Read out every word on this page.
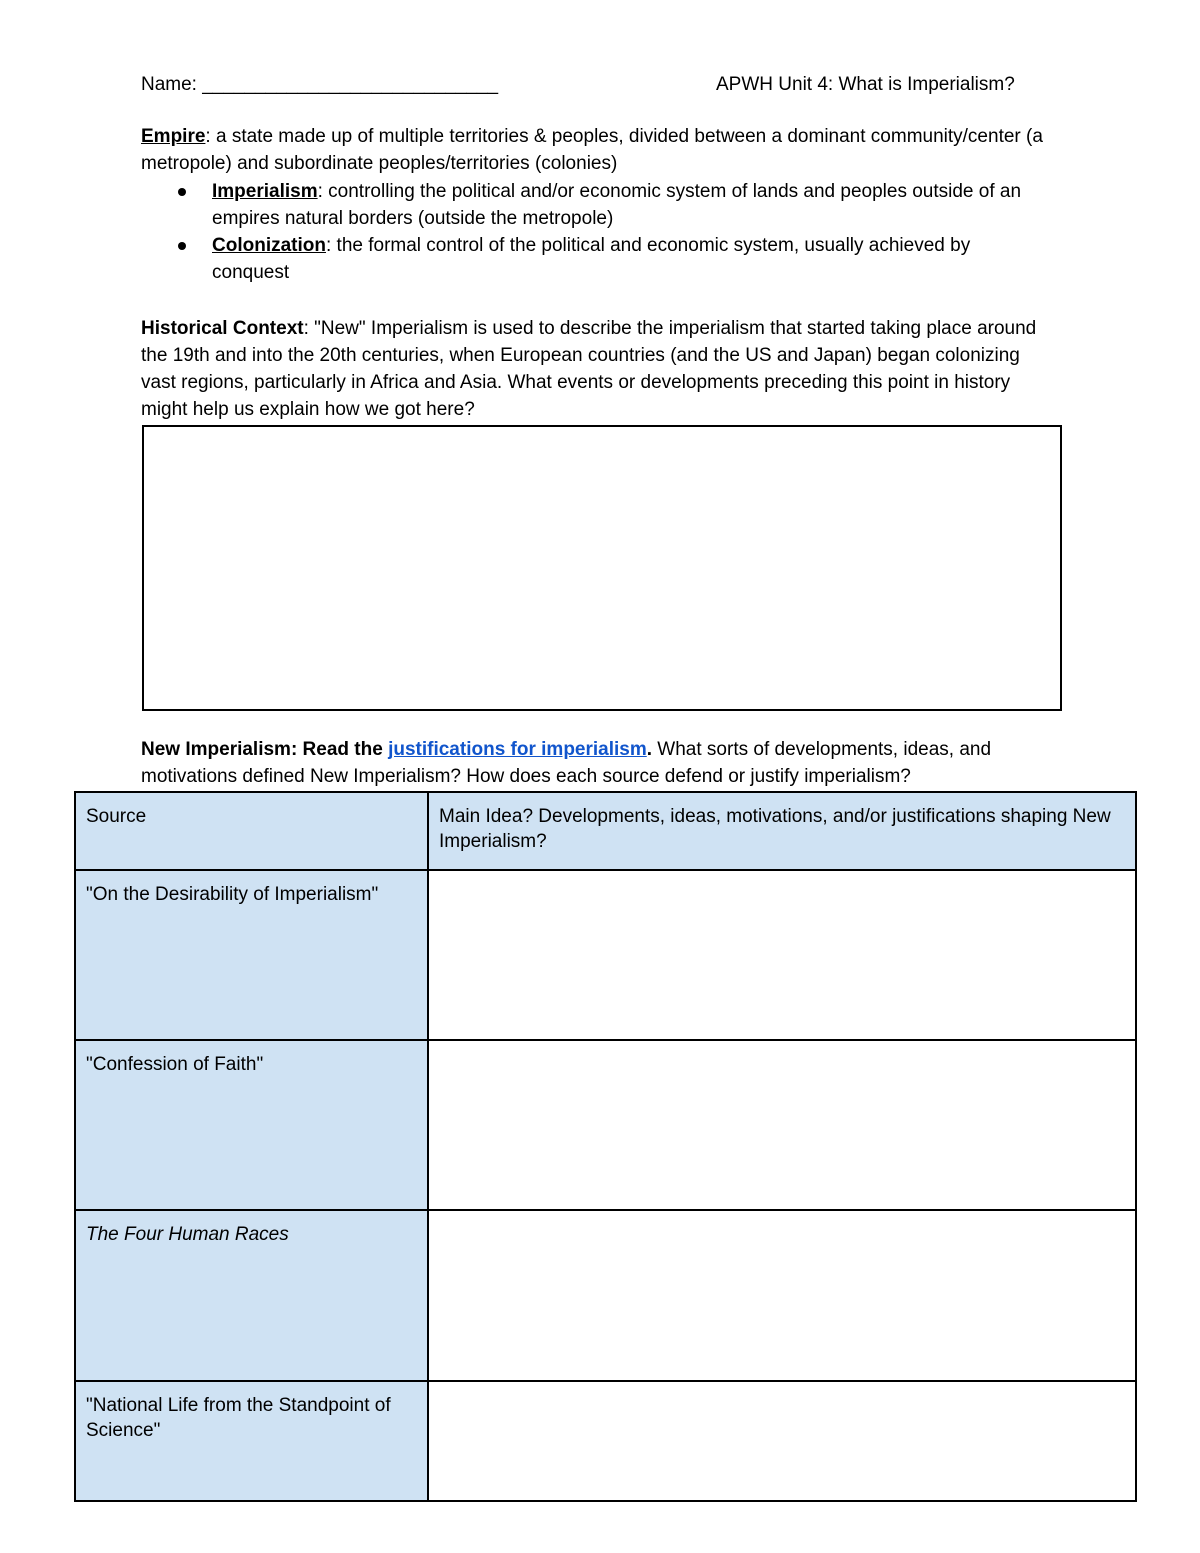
Name: ____________________________	APWH Unit 4: What is Imperialism?
Empire: a state made up of multiple territories & peoples, divided between a dominant community/center (a metropole) and subordinate peoples/territories (colonies)
Imperialism: controlling the political and/or economic system of lands and peoples outside of an empires natural borders (outside the metropole)
Colonization: the formal control of the political and economic system, usually achieved by conquest
Historical Context: "New" Imperialism is used to describe the imperialism that started taking place around the 19th and into the 20th centuries, when European countries (and the US and Japan) began colonizing vast regions, particularly in Africa and Asia. What events or developments preceding this point in history might help us explain how we got here?
New Imperialism: Read the justifications for imperialism. What sorts of developments, ideas, and motivations defined New Imperialism? How does each source defend or justify imperialism?
Source	Main Idea? Developments, ideas, motivations, and/or justifications shaping New Imperialism?
"On the Desirability of Imperialism"	
"Confession of Faith"	
The Four Human Races	
"National Life from the Standpoint of Science"	
